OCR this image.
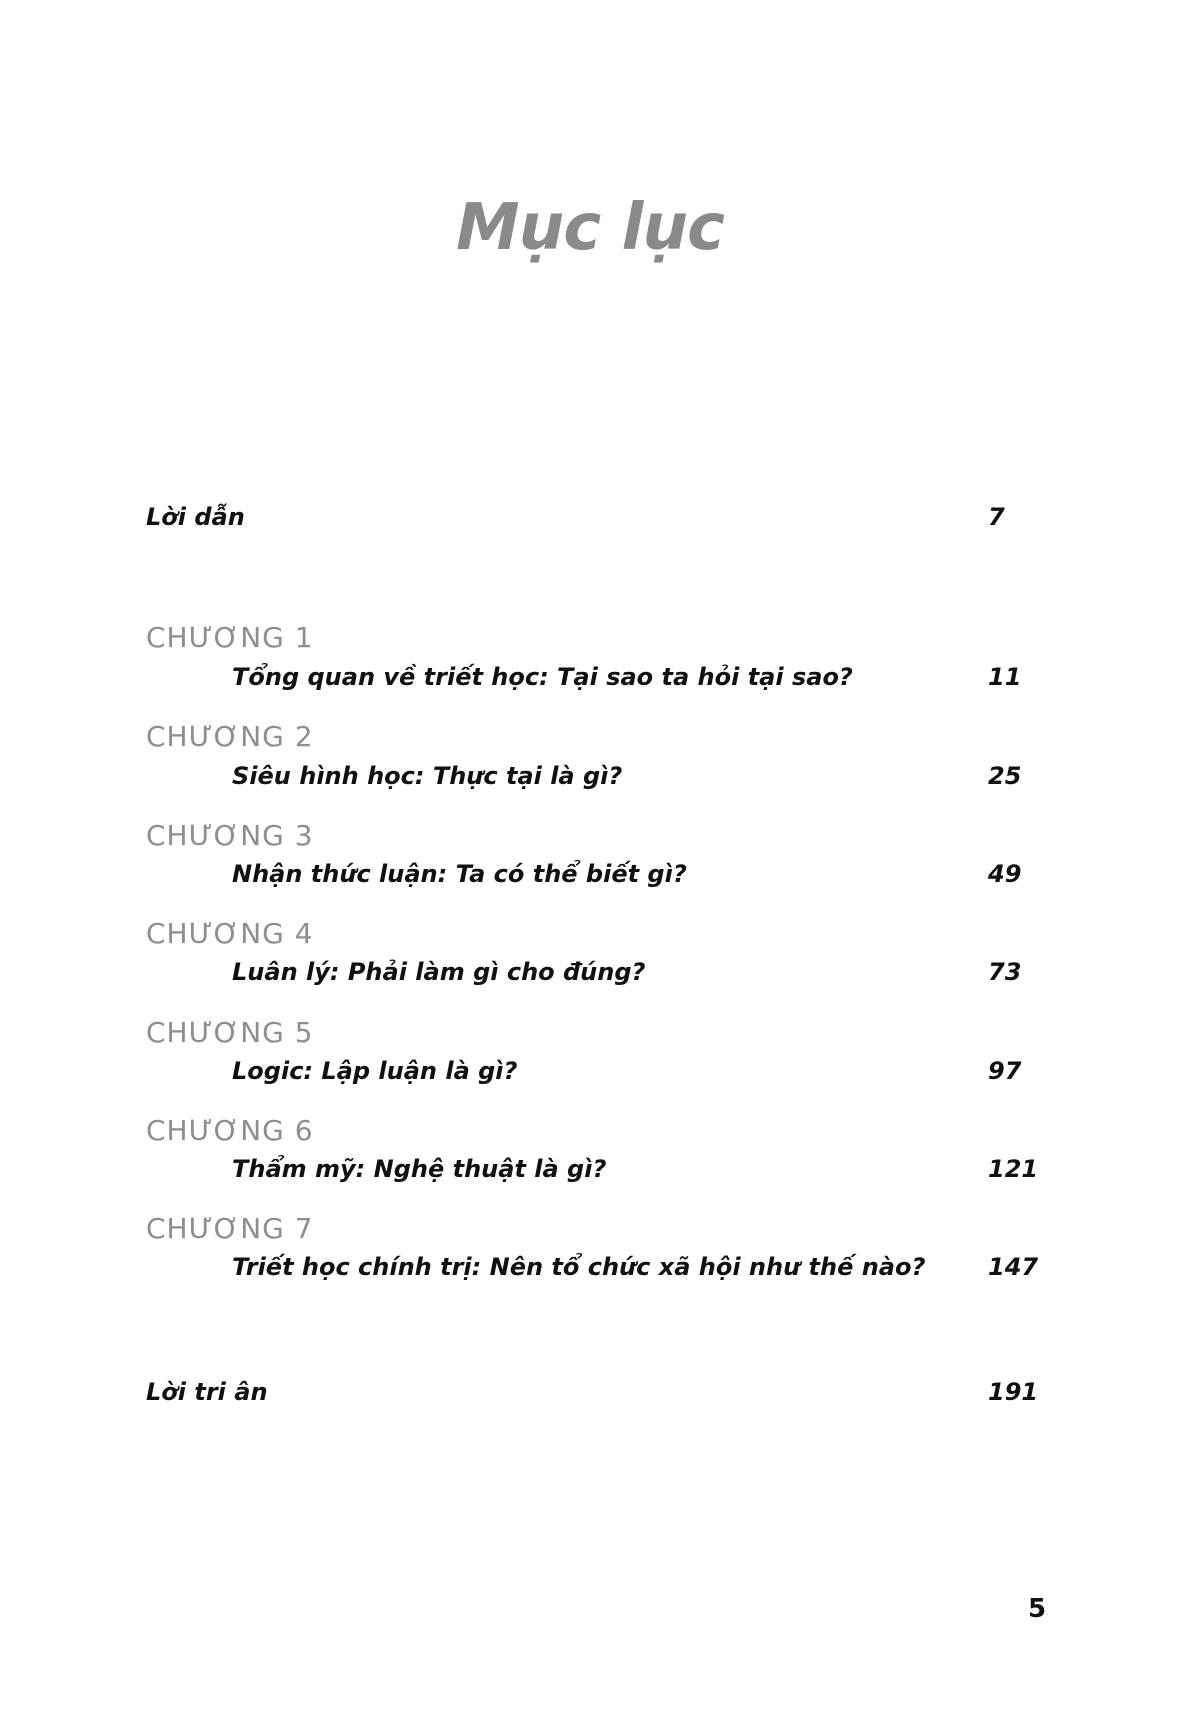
Mục lục
Lời dẫn	7
CHƯƠNG 1
Tổng quan về triết học: Tại sao ta hỏi tại sao?	11
CHƯƠNG 2
Siêu hình học: Thực tại là gì?	25
CHƯƠNG 3
Nhận thức luận: Ta có thể biết gì?	49
CHƯƠNG 4
Luân lý: Phải làm gì cho đúng?	73
CHƯƠNG 5
Logic: Lập luận là gì?	97
CHƯƠNG 6
Thẩm mỹ: Nghệ thuật là gì?	121
CHƯƠNG 7
Triết học chính trị: Nên tổ chức xã hội như thế nào?	147
Lời tri ân	191
5
